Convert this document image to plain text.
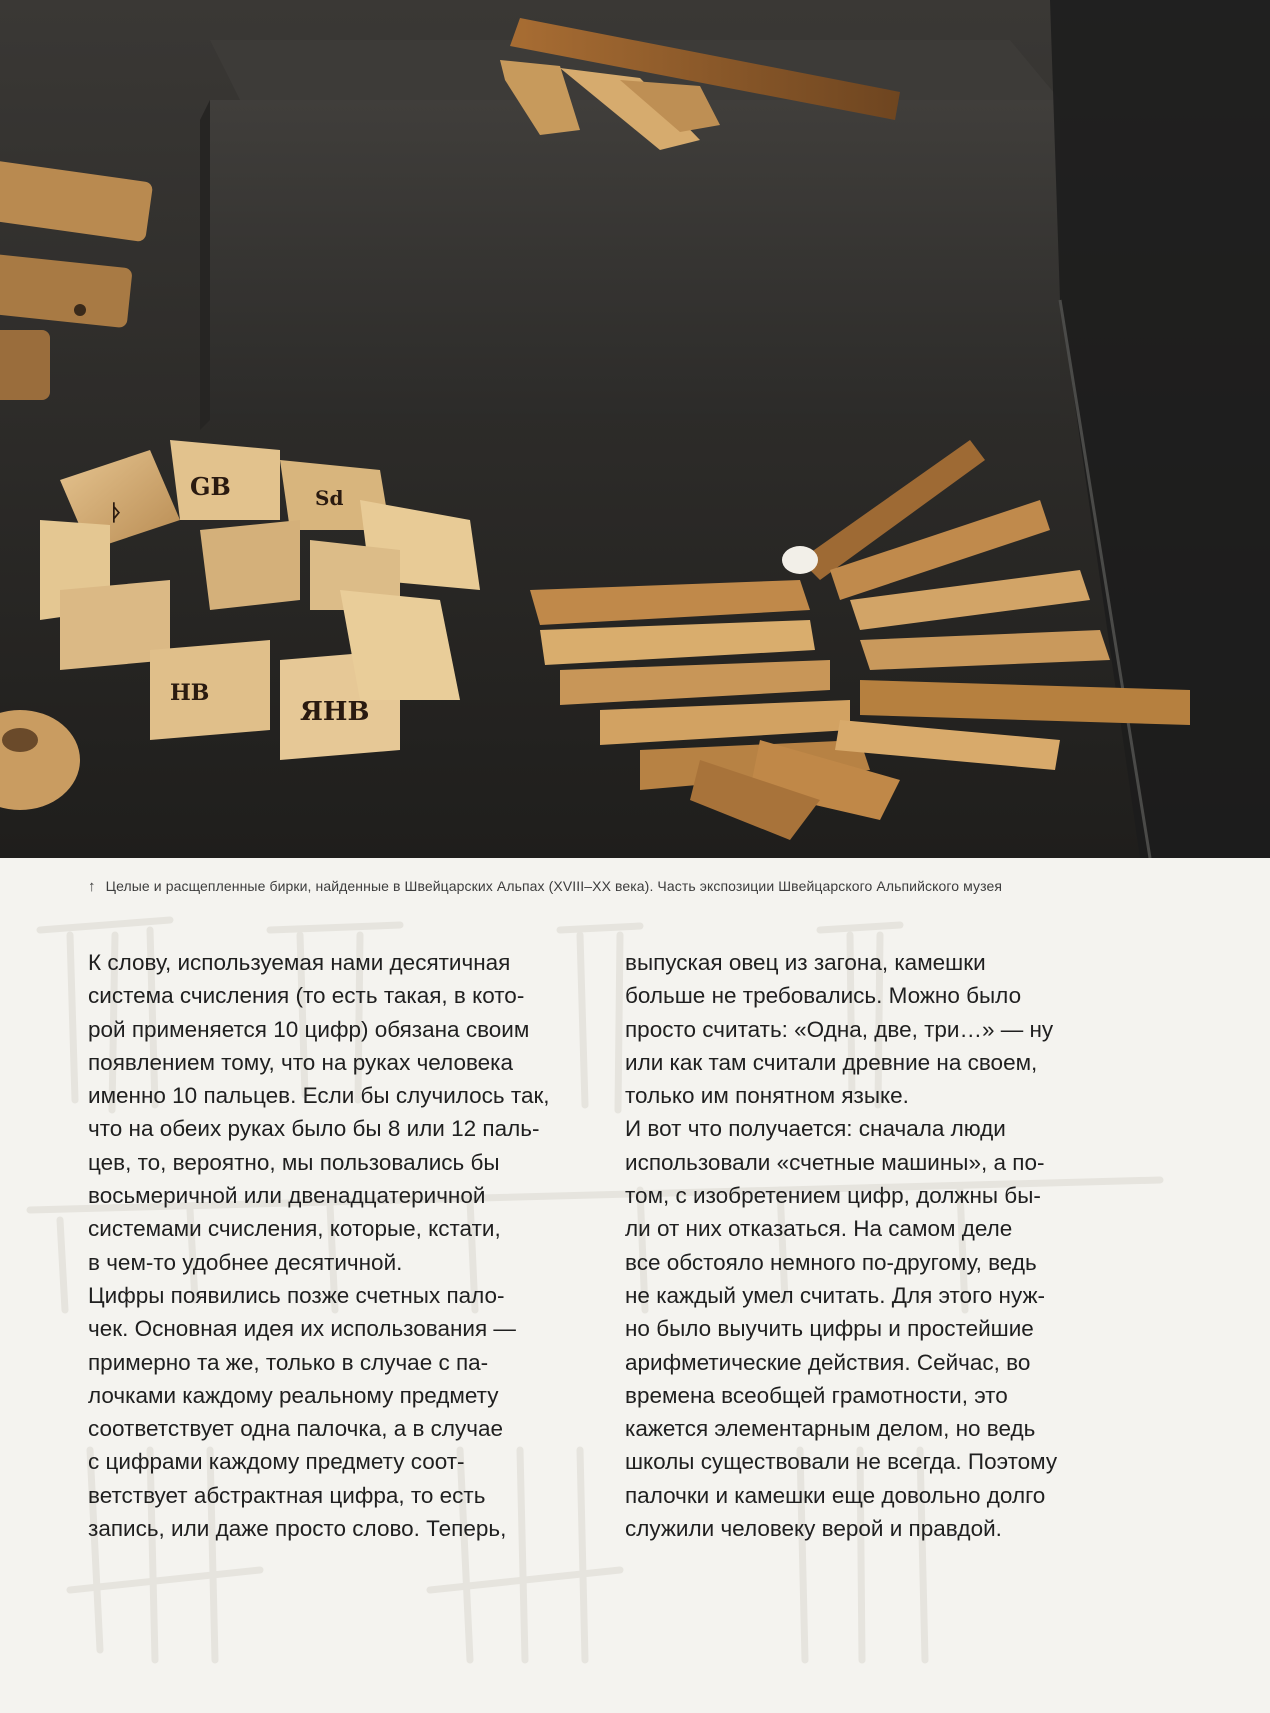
ᚦ
GB	Sd
ЯНВ
HB
↑ Целые и расщепленные бирки, найденные в Швейцарских Альпах (XVIII–XX века). Часть экспозиции Швейцарского Альпийского музея
К слову, используемая нами десятичная
система счисления (то есть такая, в кото-
рой применяется 10 цифр) обязана своим
появлением тому, что на руках человека
именно 10 пальцев. Если бы случилось так,
что на обеих руках было бы 8 или 12 паль-
цев, то, вероятно, мы пользовались бы
восьмеричной или двенадцатеричной
системами счисления, которые, кстати,
в чем-то удобнее десятичной.
Цифры появились позже счетных пало-
чек. Основная идея их использования —
примерно та же, только в случае с па-
лочками каждому реальному предмету
соответствует одна палочка, а в случае
с цифрами каждому предмету соот-
ветствует абстрактная цифра, то есть
запись, или даже просто слово. Теперь,
выпуская овец из загона, камешки
больше не требовались. Можно было
просто считать: «Одна, две, три…» — ну
или как там считали древние на своем,
только им понятном языке.
И вот что получается: сначала люди
использовали «счетные машины», а по-
том, с изобретением цифр, должны бы-
ли от них отказаться. На самом деле
все обстояло немного по-другому, ведь
не каждый умел считать. Для этого нуж-
но было выучить цифры и простейшие
арифметические действия. Сейчас, во
времена всеобщей грамотности, это
кажется элементарным делом, но ведь
школы существовали не всегда. Поэтому
палочки и камешки еще довольно долго
служили человеку верой и правдой.
